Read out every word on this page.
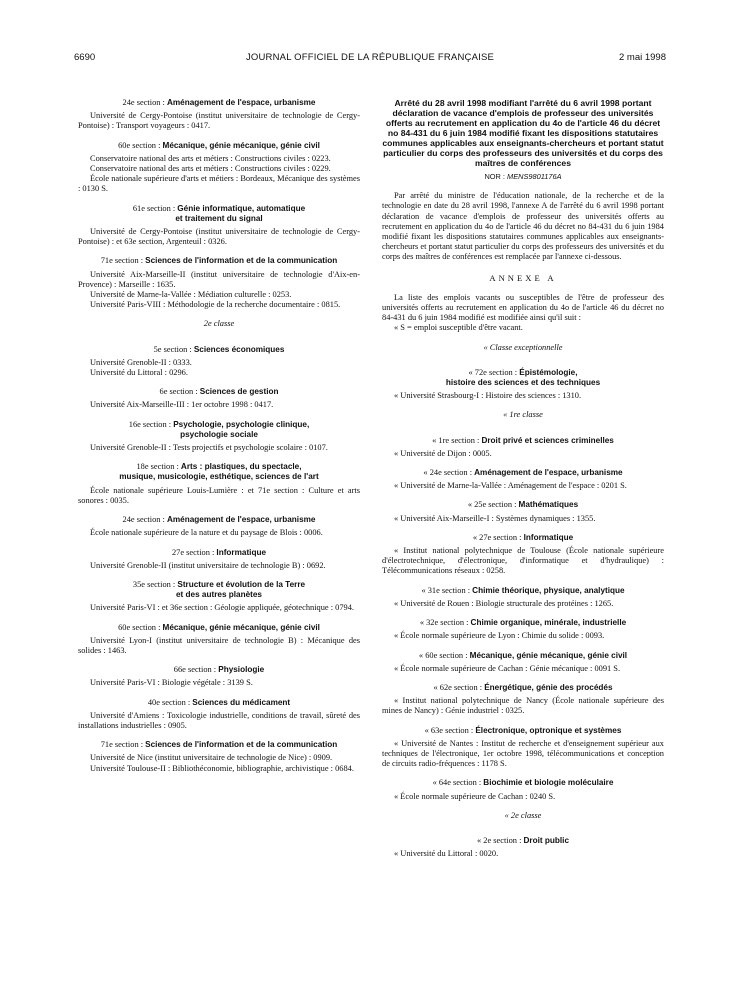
6690	JOURNAL OFFICIEL DE LA RÉPUBLIQUE FRANÇAISE	2 mai 1998
24e section : Aménagement de l'espace, urbanisme

Université de Cergy-Pontoise (institut universitaire de technologie de Cergy-Pontoise) : Transport voyageurs : 0417.

60e section : Mécanique, génie mécanique, génie civil

Conservatoire national des arts et métiers : Constructions civiles : 0223.

Conservatoire national des arts et métiers : Constructions civiles : 0229.

École nationale supérieure d'arts et métiers : Bordeaux, Mécanique des systèmes : 0130 S.

61e section : Génie informatique, automatique
et traitement du signal

Université de Cergy-Pontoise (institut universitaire de technologie de Cergy-Pontoise) : et 63e section, Argenteuil : 0326.

71e section : Sciences de l'information et de la communication

Université Aix-Marseille-II (institut universitaire de technologie d'Aix-en-Provence) : Marseille : 1635.

Université de Marne-la-Vallée : Médiation culturelle : 0253.

Université Paris-VIII : Méthodologie de la recherche documentaire : 0815.

2e classe
5e section : Sciences économiques

Université Grenoble-II : 0333.

Université du Littoral : 0296.

6e section : Sciences de gestion

Université Aix-Marseille-III : 1er octobre 1998 : 0417.

16e section : Psychologie, psychologie clinique,
psychologie sociale

Université Grenoble-II : Tests projectifs et psychologie scolaire : 0107.

18e section : Arts : plastiques, du spectacle,
musique, musicologie, esthétique, sciences de l'art

École nationale supérieure Louis-Lumière : et 71e section : Culture et arts sonores : 0035.

24e section : Aménagement de l'espace, urbanisme

École nationale supérieure de la nature et du paysage de Blois : 0006.

27e section : Informatique

Université Grenoble-II (institut universitaire de technologie B) : 0692.

35e section : Structure et évolution de la Terre
et des autres planètes

Université Paris-VI : et 36e section : Géologie appliquée, géotechnique : 0794.

60e section : Mécanique, génie mécanique, génie civil

Université Lyon-I (institut universitaire de technologie B) : Mécanique des solides : 1463.

66e section : Physiologie

Université Paris-VI : Biologie végétale : 3139 S.

40e section : Sciences du médicament

Université d'Amiens : Toxicologie industrielle, conditions de travail, sûreté des installations industrielles : 0905.

71e section : Sciences de l'information et de la communication

Université de Nice (institut universitaire de technologie de Nice) : 0909.

Université Toulouse-II : Bibliothéconomie, bibliographie, archivistique : 0684.

Arrêté du 28 avril 1998 modifiant l'arrêté du 6 avril 1998 portant déclaration de vacance d'emplois de professeur des universités offerts au recrutement en application du 4o de l'article 46 du décret no 84-431 du 6 juin 1984 modifié fixant les dispositions statutaires communes applicables aux enseignants-chercheurs et portant statut particulier du corps des professeurs des universités et du corps des maîtres de conférences
NOR : MENS9801176A

Par arrêté du ministre de l'éducation nationale, de la recherche et de la technologie en date du 28 avril 1998, l'annexe A de l'arrêté du 6 avril 1998 portant déclaration de vacance d'emplois de professeur des universités offerts au recrutement en application du 4o de l'article 46 du décret no 84-431 du 6 juin 1984 modifié fixant les dispositions statutaires communes applicables aux enseignants-chercheurs et portant statut particulier du corps des professeurs des universités et du corps des maîtres de conférences est remplacée par l'annexe ci-dessous.

ANNEXE A

La liste des emplois vacants ou susceptibles de l'être de professeur des universités offerts au recrutement en application du 4o de l'article 46 du décret no 84-431 du 6 juin 1984 modifié est modifiée ainsi qu'il suit :

« S = emploi susceptible d'être vacant.

« Classe exceptionnelle
« 72e section : Épistémologie,
histoire des sciences et des techniques

« Université Strasbourg-I : Histoire des sciences : 1310.

« 1re classe
« 1re section : Droit privé et sciences criminelles

« Université de Dijon : 0005.

« 24e section : Aménagement de l'espace, urbanisme

« Université de Marne-la-Vallée : Aménagement de l'espace : 0201 S.

« 25e section : Mathématiques

« Université Aix-Marseille-I : Systèmes dynamiques : 1355.

« 27e section : Informatique

« Institut national polytechnique de Toulouse (École nationale supérieure d'électrotechnique, d'électronique, d'informatique et d'hydraulique) : Télécommunications réseaux : 0258.

« 31e section : Chimie théorique, physique, analytique

« Université de Rouen : Biologie structurale des protéines : 1265.

« 32e section : Chimie organique, minérale, industrielle

« École normale supérieure de Lyon : Chimie du solide : 0093.

« 60e section : Mécanique, génie mécanique, génie civil

« École normale supérieure de Cachan : Génie mécanique : 0091 S.

« 62e section : Énergétique, génie des procédés

« Institut national polytechnique de Nancy (École nationale supérieure des mines de Nancy) : Génie industriel : 0325.

« 63e section : Électronique, optronique et systèmes

« Université de Nantes : Institut de recherche et d'enseignement supérieur aux techniques de l'électronique, 1er octobre 1998, télécommunications et conception de circuits radio-fréquences : 1178 S.

« 64e section : Biochimie et biologie moléculaire

« École normale supérieure de Cachan : 0240 S.

« 2e classe
« 2e section : Droit public

« Université du Littoral : 0020.
